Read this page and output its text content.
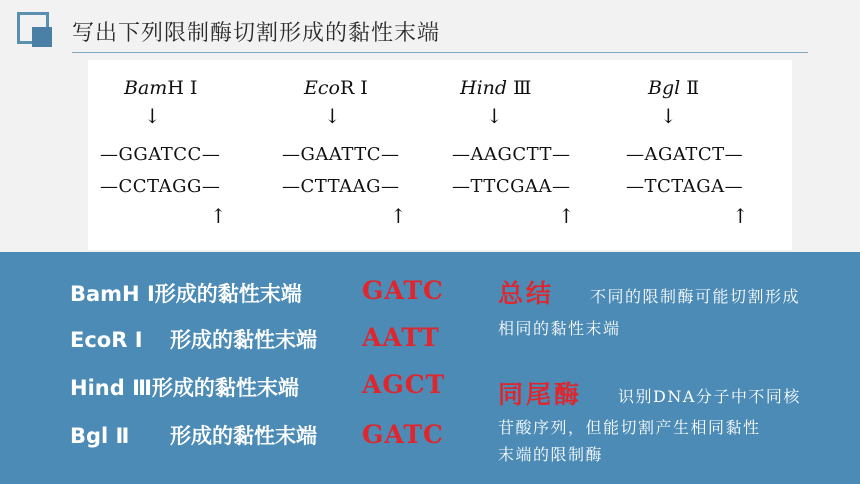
写出下列限制酶切割形成的黏性末端
BamH Ⅰ
↓
—GGATCC—
—CCTAGG—
↑
EcoR Ⅰ
↓
—GAATTC—
—CTTAAG—
↑
Hind Ⅲ
↓
—AAGCTT—
—TTCGAA—
↑
Bgl Ⅱ
↓
—AGATCT—
—TCTAGA—
↑
BamH Ⅰ形成的黏性末端 GATC
EcoR Ⅰ 形成的黏性末端 AATT
Hind Ⅲ形成的黏性末端	AGCT
Bgl Ⅱ 形成的黏性末端 GATC
总结 不同的限制酶可能切割形成
相同的黏性末端
同尾酶 识别DNA分子中不同核
苷酸序列，但能切割产生相同黏性
末端的限制酶
